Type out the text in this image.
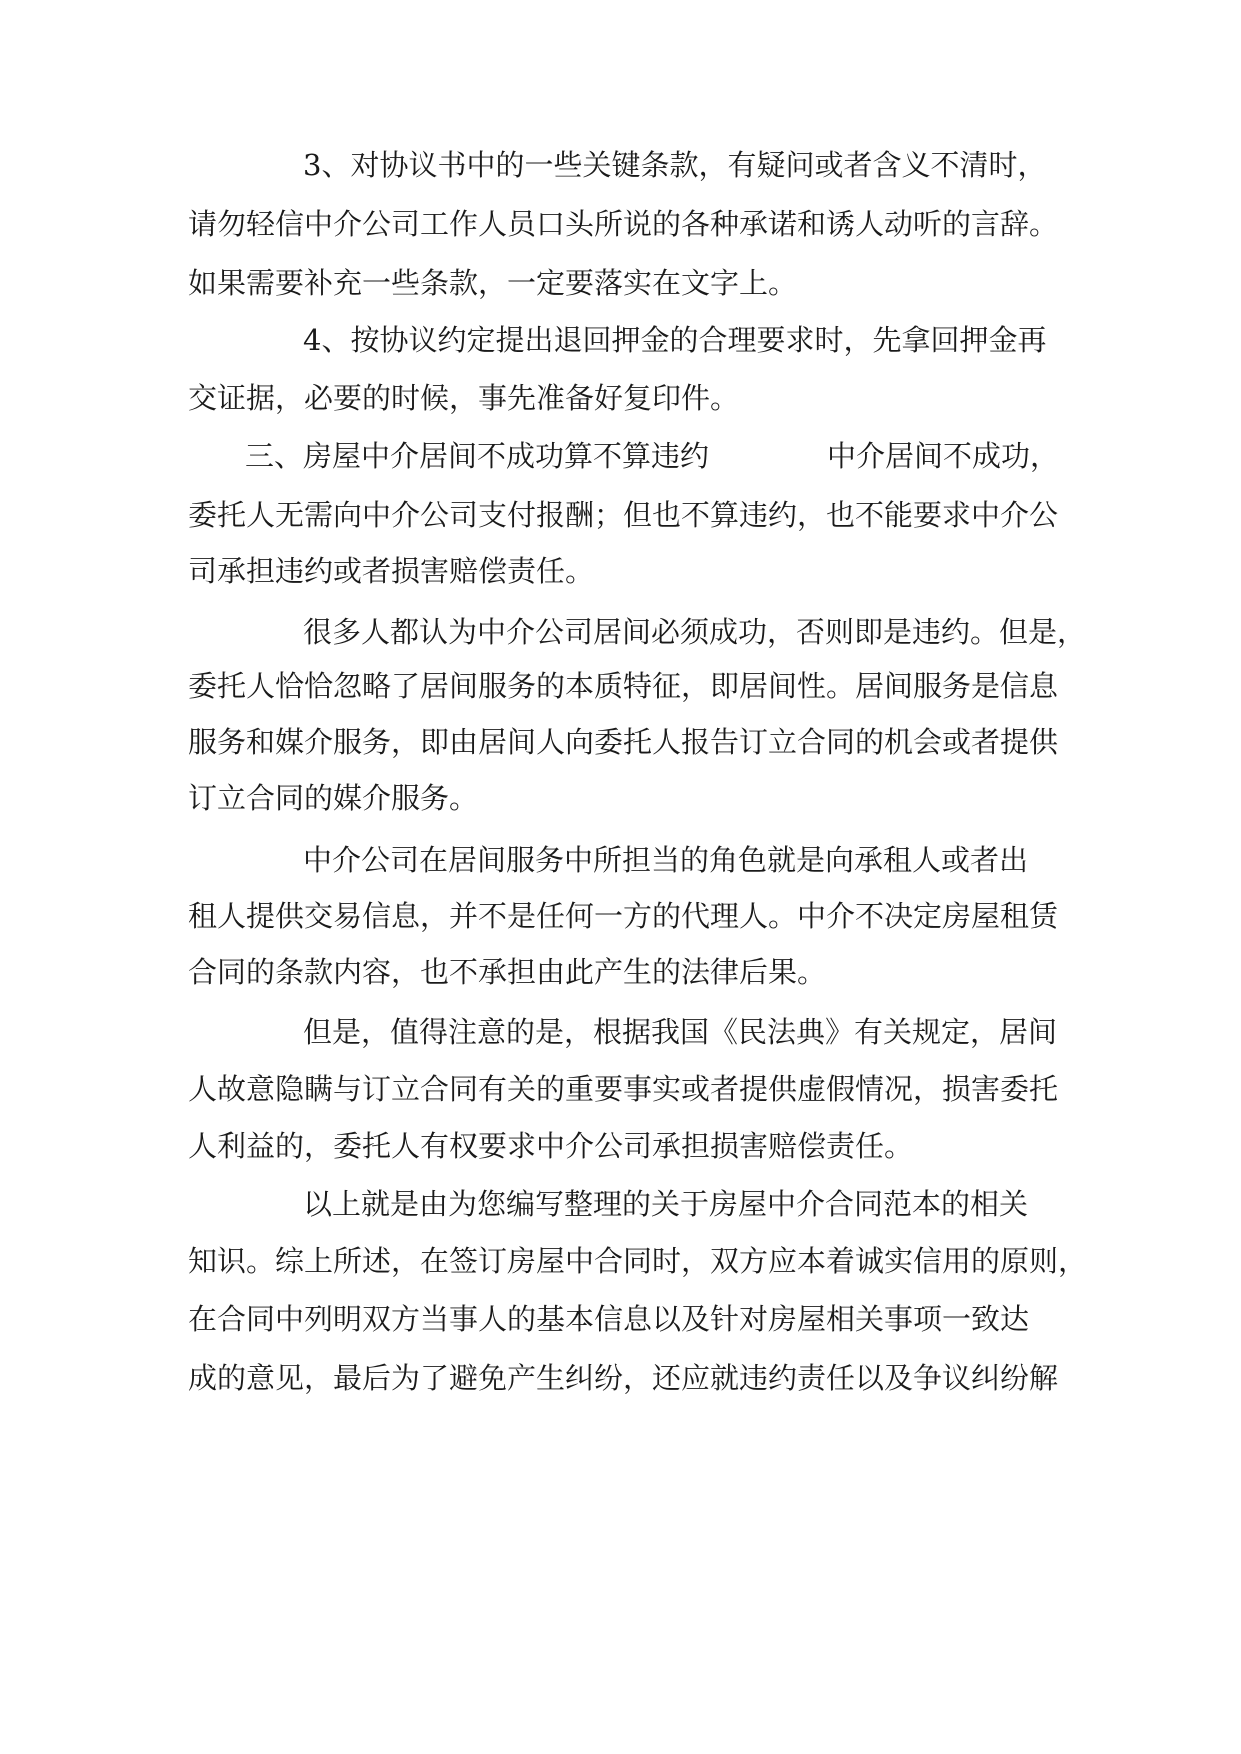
3、对协议书中的一些关键条款，有疑问或者含义不清时，
请勿轻信中介公司工作人员口头所说的各种承诺和诱人动听的言辞。
如果需要补充一些条款，一定要落实在文字上。
4、按协议约定提出退回押金的合理要求时，先拿回押金再
交证据，必要的时候，事先准备好复印件。
三、房屋中介居间不成功算不算违约	中介居间不成功，
委托人无需向中介公司支付报酬；但也不算违约，也不能要求中介公
司承担违约或者损害赔偿责任。
很多人都认为中介公司居间必须成功，否则即是违约。但是，
委托人恰恰忽略了居间服务的本质特征，即居间性。居间服务是信息
服务和媒介服务，即由居间人向委托人报告订立合同的机会或者提供
订立合同的媒介服务。
中介公司在居间服务中所担当的角色就是向承租人或者出
租人提供交易信息，并不是任何一方的代理人。中介不决定房屋租赁
合同的条款内容，也不承担由此产生的法律后果。
但是，值得注意的是，根据我国《民法典》有关规定，居间
人故意隐瞒与订立合同有关的重要事实或者提供虚假情况，损害委托
人利益的，委托人有权要求中介公司承担损害赔偿责任。
以上就是由为您编写整理的关于房屋中介合同范本的相关
知识。综上所述，在签订房屋中合同时，双方应本着诚实信用的原则，
在合同中列明双方当事人的基本信息以及针对房屋相关事项一致达
成的意见，最后为了避免产生纠纷，还应就违约责任以及争议纠纷解
